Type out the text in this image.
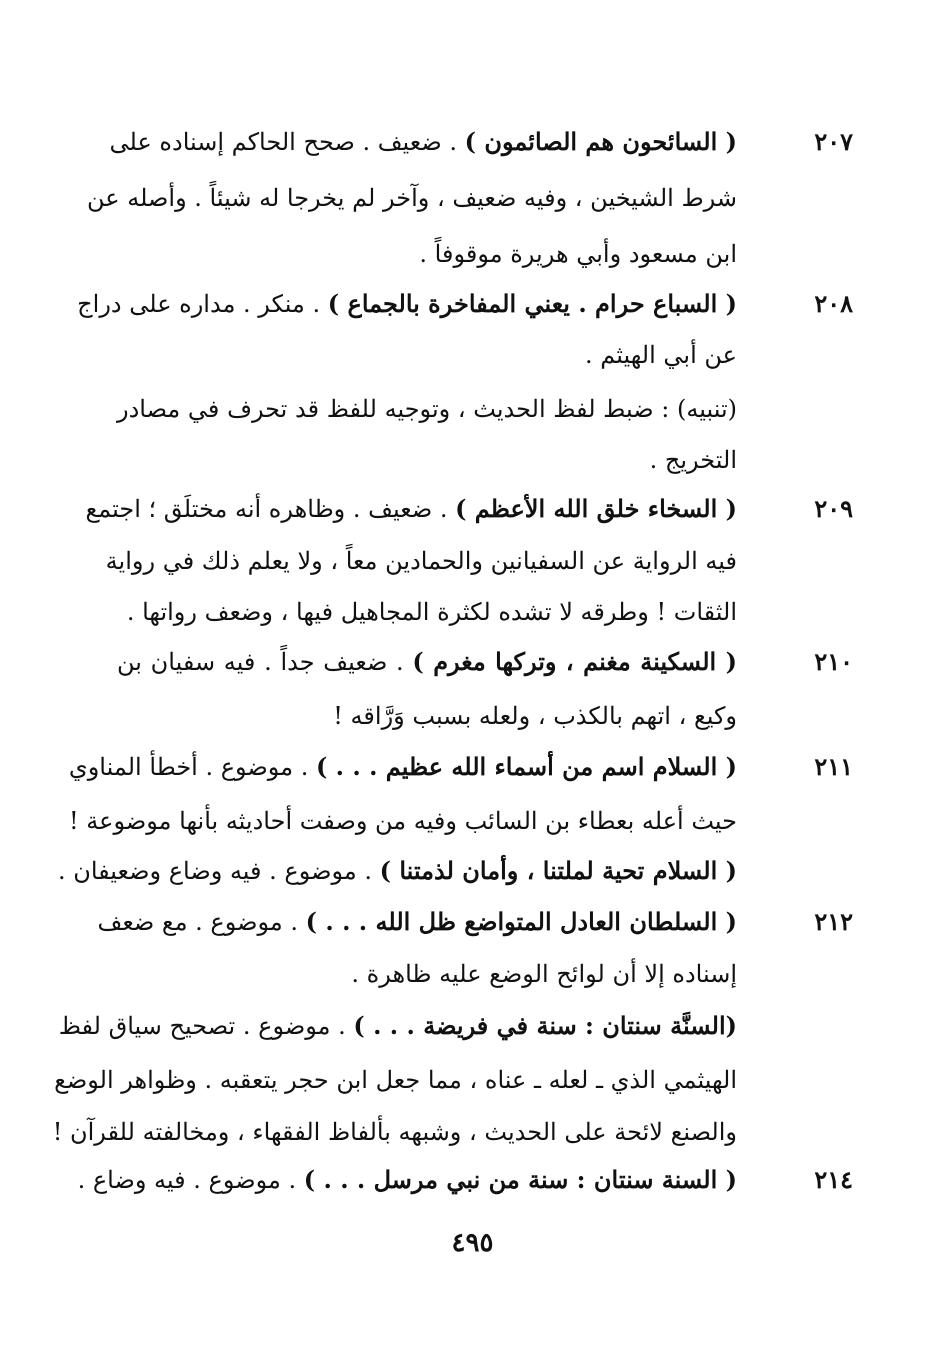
٢٠٧
( السائحون هم الصائمون ) . ضعيف . صحح الحاكم إسناده على
شرط الشيخين ، وفيه ضعيف ، وآخر لم يخرجا له شيئاً . وأصله عن
ابن مسعود وأبي هريرة موقوفاً .
٢٠٨
( السباع حرام . يعني المفاخرة بالجماع ) . منكر . مداره على دراج
عن أبي الهيثم .
(تنبيه) : ضبط لفظ الحديث ، وتوجيه للفظ قد تحرف في مصادر
التخريج .
٢٠٩
( السخاء خلق الله الأعظم ) . ضعيف . وظاهره أنه مختلَق ؛ اجتمع
فيه الرواية عن السفيانين والحمادين معاً ، ولا يعلم ذلك في رواية
الثقات ! وطرقه لا تشده لكثرة المجاهيل فيها ، وضعف رواتها .
٢١٠
( السكينة مغنم ، وتركها مغرم ) . ضعيف جداً . فيه سفيان بن
وكيع ، اتهم بالكذب ، ولعله بسبب وَرَّاقه !
٢١١
( السلام اسم من أسماء الله عظيم . . . ) . موضوع . أخطأ المناوي
حيث أعله بعطاء بن السائب وفيه من وصفت أحاديثه بأنها موضوعة !
( السلام تحية لملتنا ، وأمان لذمتنا ) . موضوع . فيه وضاع وضعيفان .
٢١٢
( السلطان العادل المتواضع ظل الله . . . ) . موضوع . مع ضعف
إسناده إلا أن لوائح الوضع عليه ظاهرة .
(السنَّة سنتان : سنة في فريضة . . . ) . موضوع . تصحيح سياق لفظ
الهيثمي الذي ـ لعله ـ عناه ، مما جعل ابن حجر يتعقبه . وظواهر الوضع
والصنع لائحة على الحديث ، وشبهه بألفاظ الفقهاء ، ومخالفته للقرآن !
٢١٤
( السنة سنتان : سنة من نبي مرسل . . . ) . موضوع . فيه وضاع .
٤٩٥
